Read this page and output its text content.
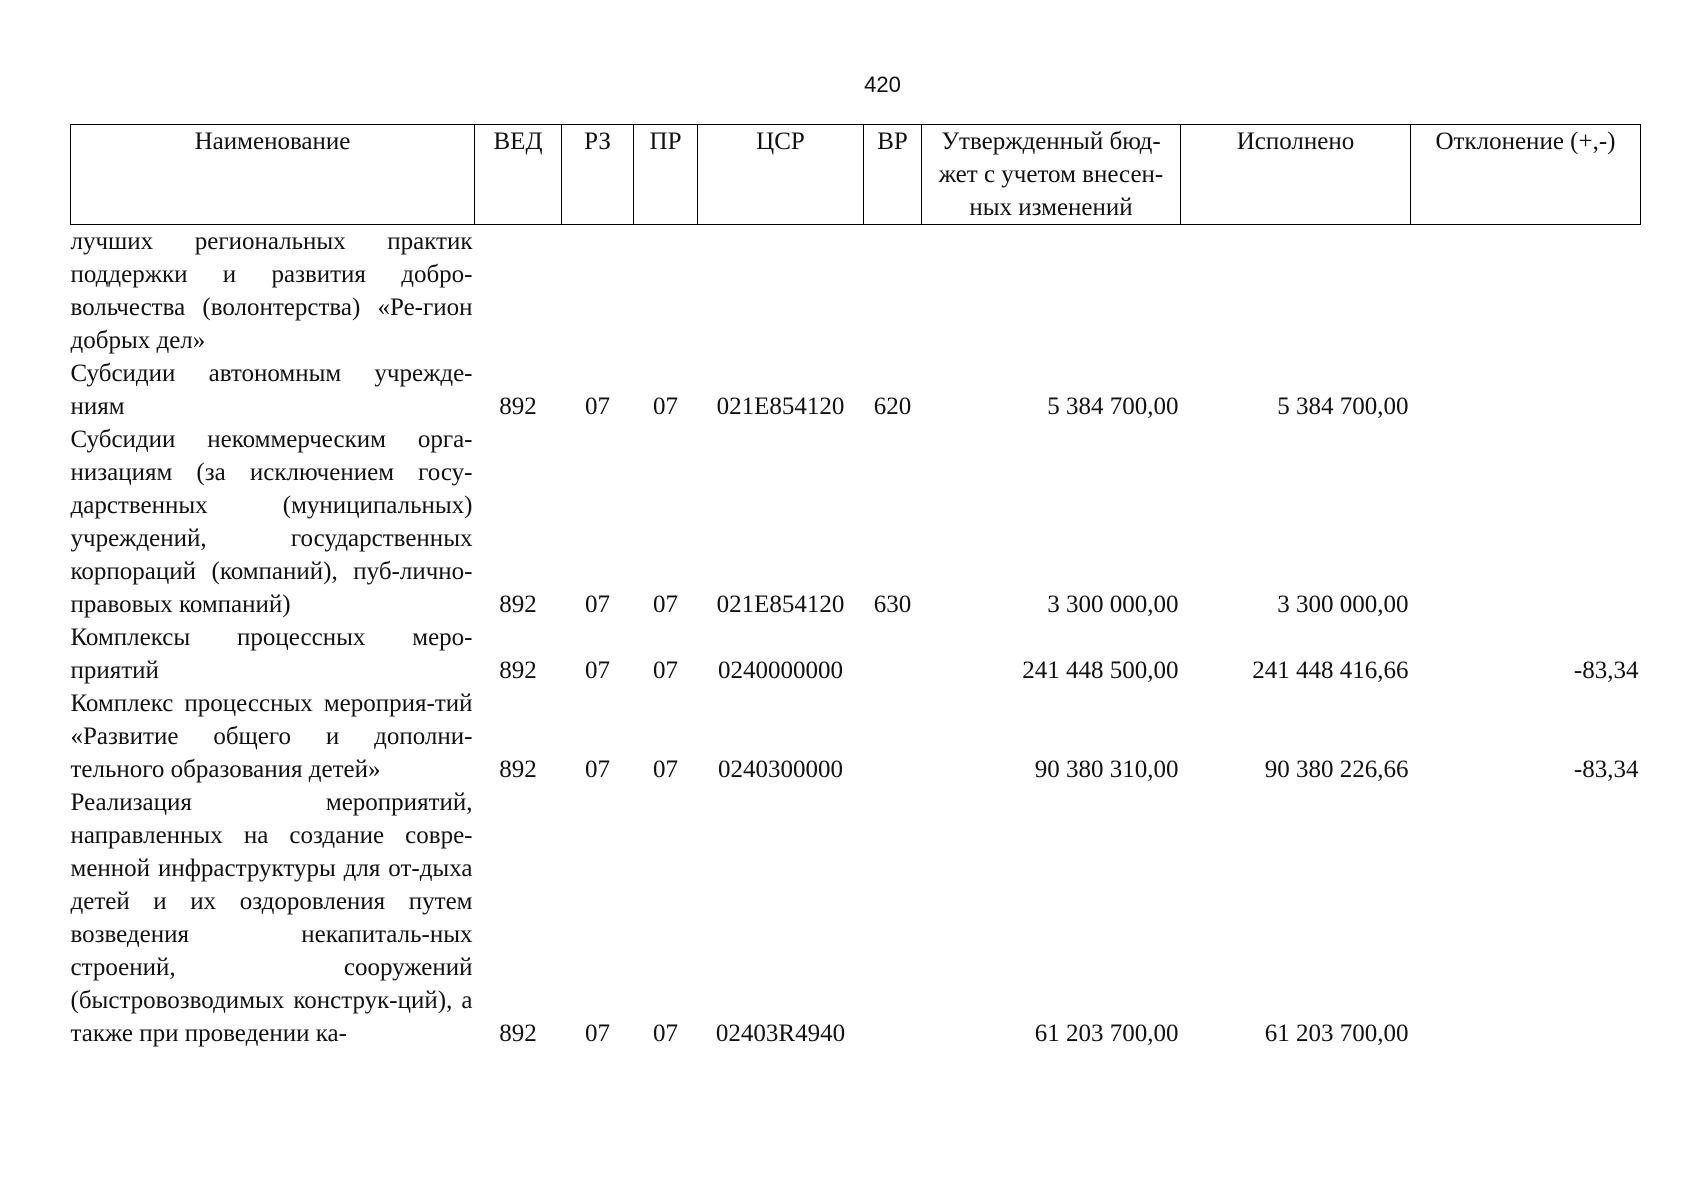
420
Наименование	ВЕД	РЗ	ПР	ЦСР	ВР	Утвержденный бюд-жет с учетом внесен-ных изменений	Исполнено	Отклонение (+,-)
лучших региональных практик поддержки и развития добро-вольчества (волонтерства) «Ре-гион добрых дел»								
Субсидии автономным учрежде-ниям	892	07	07	021E854120	620	5 384 700,00	5 384 700,00	
Субсидии некоммерческим орга-низациям (за исключением госу-дарственных (муниципальных) учреждений, государственных корпораций (компаний), пуб-лично-правовых компаний)	892	07	07	021E854120	630	3 300 000,00	3 300 000,00	
Комплексы процессных меро-приятий	892	07	07	0240000000		241 448 500,00	241 448 416,66	-83,34
Комплекс процессных мероприя-тий «Развитие общего и дополни-тельного образования детей»	892	07	07	0240300000		90 380 310,00	90 380 226,66	-83,34
Реализация мероприятий, направленных на создание совре-менной инфраструктуры для от-дыха детей и их оздоровления путем возведения некапиталь-ных строений, сооружений (быстровозводимых конструк-ций), а также при проведении ка-	892	07	07	02403R4940		61 203 700,00	61 203 700,00	
